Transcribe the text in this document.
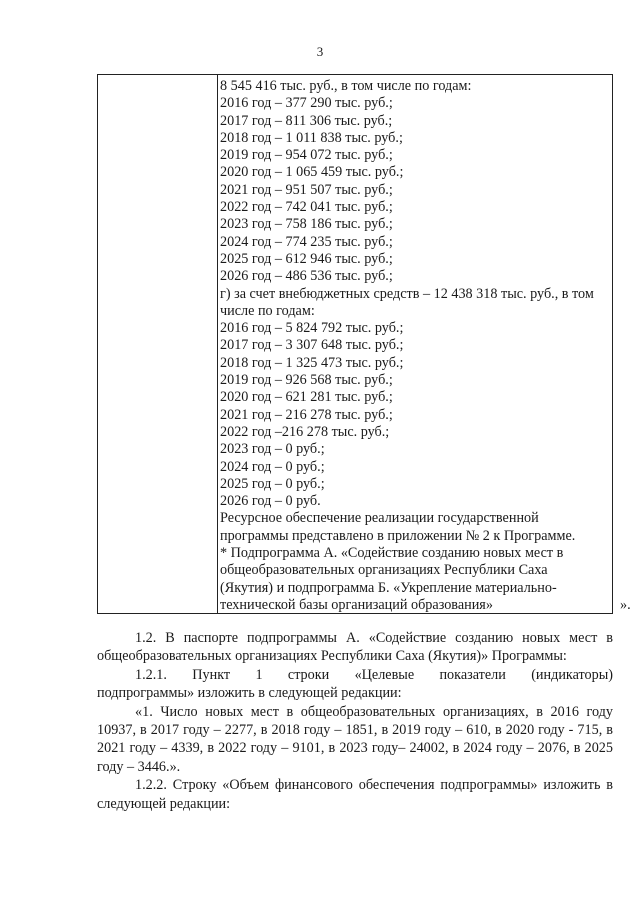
3
8 545 416 тыс. руб., в том числе по годам:
2016 год – 377 290 тыс. руб.;
2017 год – 811 306 тыс. руб.;
2018 год – 1 011 838 тыс. руб.;
2019 год – 954 072 тыс. руб.;
2020 год – 1 065 459 тыс. руб.;
2021 год – 951 507 тыс. руб.;
2022 год – 742 041 тыс. руб.;
2023 год – 758 186 тыс. руб.;
2024 год – 774 235 тыс. руб.;
2025 год – 612 946 тыс. руб.;
2026 год – 486 536 тыс. руб.;
г) за счет внебюджетных средств – 12 438 318 тыс. руб., в том числе по годам:
2016 год – 5 824 792 тыс. руб.;
2017 год – 3 307 648 тыс. руб.;
2018 год – 1 325 473 тыс. руб.;
2019 год – 926 568 тыс. руб.;
2020 год – 621 281 тыс. руб.;
2021 год – 216 278 тыс. руб.;
2022 год –216 278 тыс. руб.;
2023 год – 0 руб.;
2024 год – 0 руб.;
2025 год – 0 руб.;
2026 год – 0 руб.
Ресурсное обеспечение реализации государственной программы представлено в приложении № 2 к Программе.
* Подпрограмма А. «Содействие созданию новых мест в общеобразовательных организациях Республики Саха (Якутия) и подпрограмма Б. «Укрепление материально-технической базы организаций образования»	».

1.2. В паспорте подпрограммы А. «Содействие созданию новых мест в общеобразовательных организациях Республики Саха (Якутия)» Программы:

1.2.1. Пункт 1 строки «Целевые показатели (индикаторы)

подпрограммы» изложить в следующей редакции:

«1. Число новых мест в общеобразовательных организациях, в 2016 году 10937, в 2017 году – 2277, в 2018 году – 1851, в 2019 году – 610, в 2020 году - 715, в 2021 году – 4339, в 2022 году – 9101, в 2023 году– 24002, в 2024 году – 2076, в 2025 году – 3446.».

1.2.2. Строку «Объем финансового обеспечения подпрограммы» изложить в следующей редакции:
